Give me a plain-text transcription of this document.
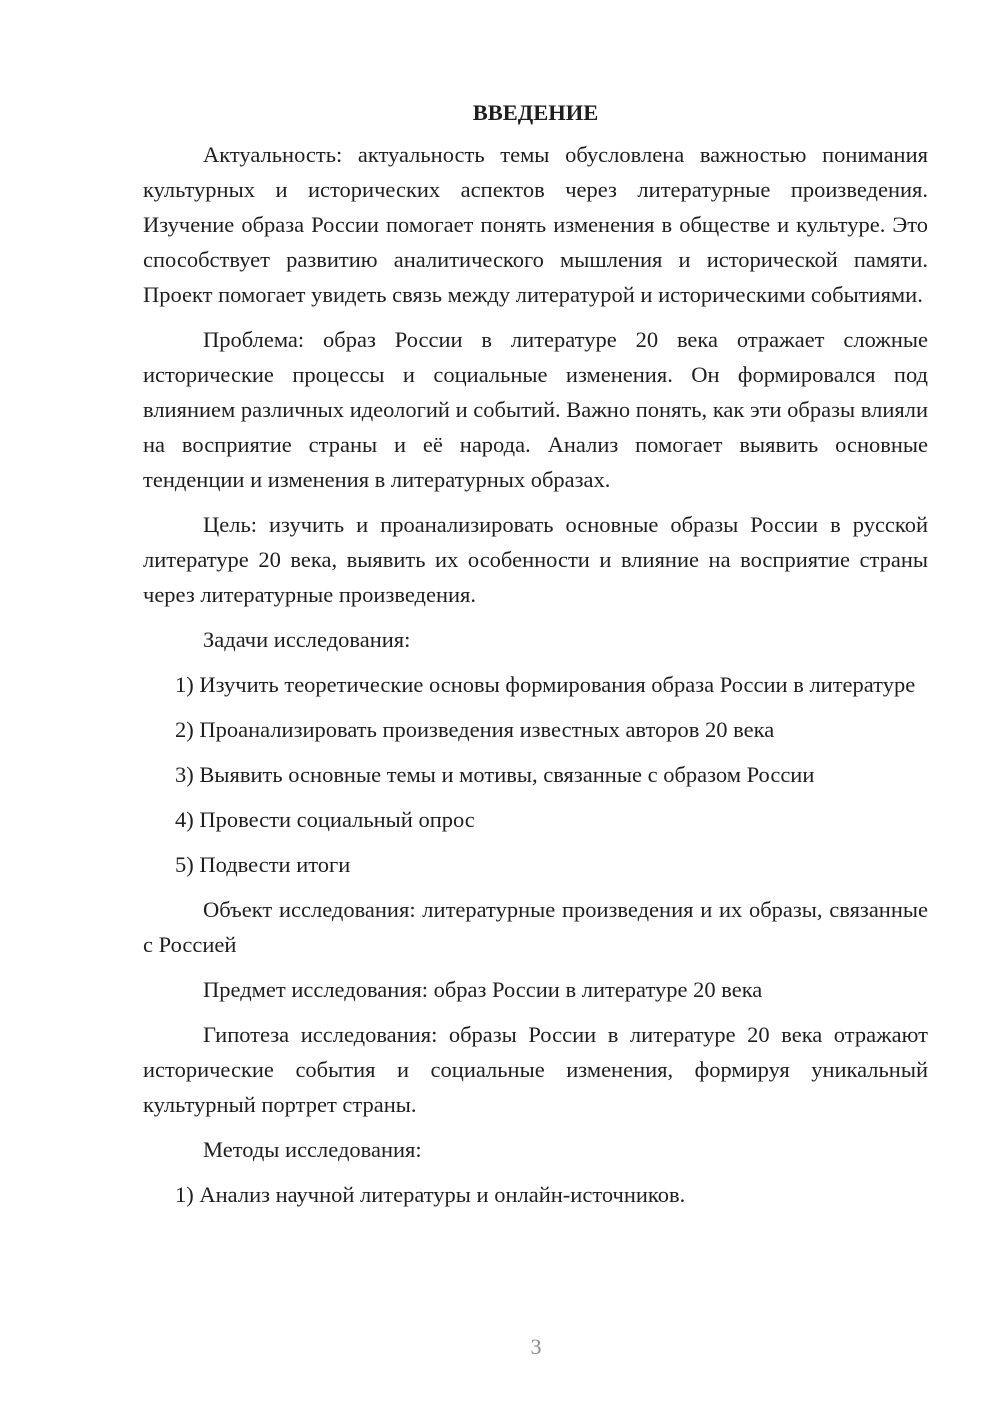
ВВЕДЕНИЕ

Актуальность: актуальность темы обусловлена важностью понимания культурных и исторических аспектов через литературные произведения. Изучение образа России помогает понять изменения в обществе и культуре. Это способствует развитию аналитического мышления и исторической памяти. Проект помогает увидеть связь между литературой и историческими событиями.

Проблема: образ России в литературе 20 века отражает сложные исторические процессы и социальные изменения. Он формировался под влиянием различных идеологий и событий. Важно понять, как эти образы влияли на восприятие страны и её народа. Анализ помогает выявить основные тенденции и изменения в литературных образах.

Цель: изучить и проанализировать основные образы России в русской литературе 20 века, выявить их особенности и влияние на восприятие страны через литературные произведения.

Задачи исследования:

1) Изучить теоретические основы формирования образа России в литературе

2) Проанализировать произведения известных авторов 20 века

3) Выявить основные темы и мотивы, связанные с образом России

4) Провести социальный опрос

5) Подвести итоги

Объект исследования: литературные произведения и их образы, связанные с Россией

Предмет исследования: образ России в литературе 20 века

Гипотеза исследования: образы России в литературе 20 века отражают исторические события и социальные изменения, формируя уникальный культурный портрет страны.

Методы исследования:

1) Анализ научной литературы и онлайн-источников.

3
